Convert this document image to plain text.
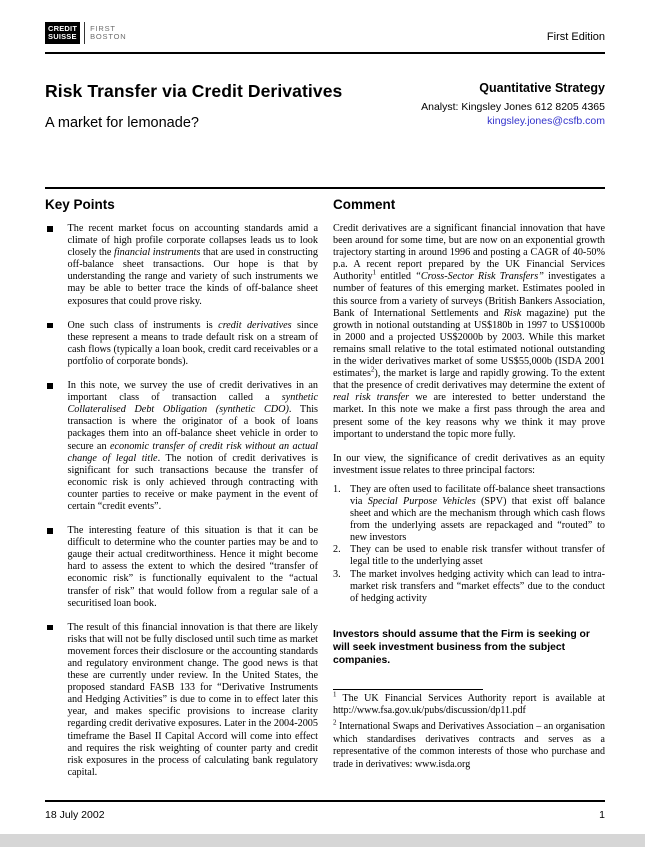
CREDIT
SUISSE
FIRST
BOSTON	First Edition
Risk Transfer via Credit Derivatives
A market for lemonade?
Quantitative Strategy
Analyst: Kingsley Jones 612 8205 4365
kingsley.jones@csfb.com
Key Points

The recent market focus on accounting standards amid a climate of high profile corporate collapses leads us to look closely the financial instruments that are used in constructing off-balance sheet transactions. Our hope is that by understanding the range and variety of such instruments we may be able to better trace the kinds of off-balance sheet exposures that could prove risky.

One such class of instruments is credit derivatives since these represent a means to trade default risk on a stream of cash flows (typically a loan book, credit card receivables or a portfolio of corporate bonds).

In this note, we survey the use of credit derivatives in an important class of transaction called a synthetic Collateralised Debt Obligation (synthetic CDO). This transaction is where the originator of a book of loans packages them into an off-balance sheet vehicle in order to secure an economic transfer of credit risk without an actual change of legal title. The notion of credit derivatives is significant for such transactions because the transfer of economic risk is only achieved through contracting with counter parties to receive or make payment in the event of certain “credit events”.

The interesting feature of this situation is that it can be difficult to determine who the counter parties may be and to gauge their actual creditworthiness. Hence it might become hard to assess the extent to which the desired “transfer of economic risk” is functionally equivalent to the “actual transfer of risk” that would follow from a regular sale of a securitised loan book.

The result of this financial innovation is that there are likely risks that will not be fully disclosed until such time as market movement forces their disclosure or the accounting standards and regulatory environment change. The good news is that these are currently under review. In the United States, the proposed standard FASB 133 for “Derivative Instruments and Hedging Activities” is due to come in to effect later this year, and makes specific provisions to increase clarity regarding credit derivative exposures. Later in the 2004-2005 timeframe the Basel II Capital Accord will come into effect and requires the risk weighting of counter party and credit risk exposures in the process of calculating bank regulatory capital.

Comment

Credit derivatives are a significant financial innovation that have been around for some time, but are now on an exponential growth trajectory starting in around 1996 and posting a CAGR of 40-50% p.a. A recent report prepared by the UK Financial Services Authority$^1$ entitled “Cross-Sector Risk Transfers” investigates a number of features of this emerging market. Estimates pooled in this source from a variety of surveys (British Bankers Association, Bank of International Settlements and Risk magazine) put the growth in notional outstanding at US$180b in 1997 to US$1000b in 2000 and a projected US$2000b by 2003. While this market remains small relative to the total estimated notional outstanding in the wider derivatives market of some US$55,000b (ISDA 2001 estimates$^2$), the market is large and rapidly growing. To the extent that the presence of credit derivatives may determine the extent of real risk transfer we are interested to better understand the market. In this note we make a first pass through the area and present some of the key reasons why we think it may prove important to understand the topic more fully.

In our view, the significance of credit derivatives as an equity investment issue relates to three principal factors:

1. They are often used to facilitate off-balance sheet transactions via Special Purpose Vehicles (SPV) that exist off balance sheet and which are the mechanism through which cash flows from the underlying assets are repackaged and “routed” to new investors

2. They can be used to enable risk transfer without transfer of legal title to the underlying asset

3. The market involves hedging activity which can lead to intra-market risk transfers and “market effects” due to the conduct of hedging activity

Investors should assume that the Firm is seeking or will seek investment business from the subject companies.

$^1$ The UK Financial Services Authority report is available at http://www.fsa.gov.uk/pubs/discussion/dp11.pdf

$^2$ International Swaps and Derivatives Association – an organisation which standardises derivatives contracts and serves as a representative of the common interests of those who purchase and trade in derivatives: www.isda.org

18 July 2002	1
